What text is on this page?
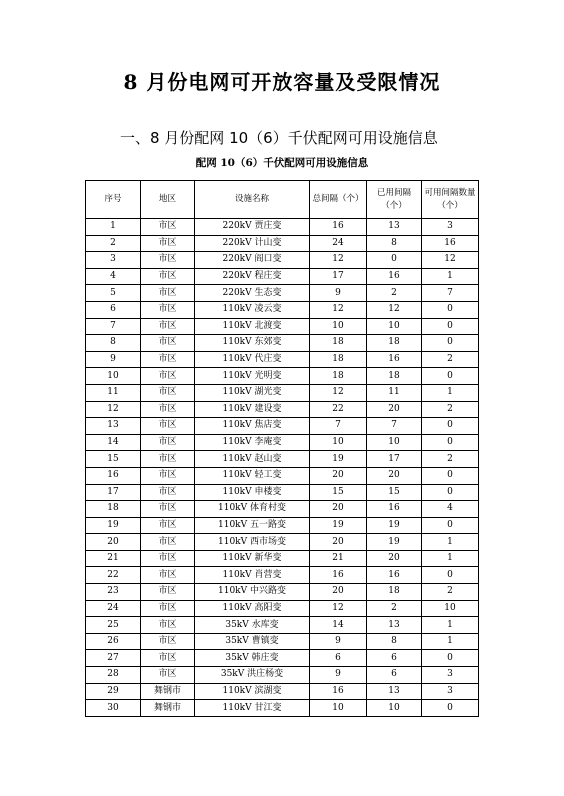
8 月份电网可开放容量及受限情况
一、8 月份配网 10（6）千伏配网可用设施信息
配网 10（6）千伏配网可用设施信息
序号	地区	设施名称	总间隔（个）	已用间隔（个）	可用间隔数量（个）
1	市区	220kV 贾庄变	16	13	3
2	市区	220kV 计山变	24	8	16
3	市区	220kV 阎口变	12	0	12
4	市区	220kV 程庄变	17	16	1
5	市区	220kV 生态变	9	2	7
6	市区	110kV 凌云变	12	12	0
7	市区	110kV 北渡变	10	10	0
8	市区	110kV 东郊变	18	18	0
9	市区	110kV 代庄变	18	16	2
10	市区	110kV 光明变	18	18	0
11	市区	110kV 湖光变	12	11	1
12	市区	110kV 建设变	22	20	2
13	市区	110kV 焦店变	7	7	0
14	市区	110kV 李庵变	10	10	0
15	市区	110kV 赵山变	19	17	2
16	市区	110kV 轻工变	20	20	0
17	市区	110kV 申楼变	15	15	0
18	市区	110kV 体育村变	20	16	4
19	市区	110kV 五一路变	19	19	0
20	市区	110kV 西市场变	20	19	1
21	市区	110kV 新华变	21	20	1
22	市区	110kV 肖营变	16	16	0
23	市区	110kV 中兴路变	20	18	2
24	市区	110kV 高阳变	12	2	10
25	市区	35kV 水库变	14	13	1
26	市区	35kV 曹镇变	9	8	1
27	市区	35kV 韩庄变	6	6	0
28	市区	35kV 洪庄杨变	9	6	3
29	舞钢市	110kV 滨湖变	16	13	3
30	舞钢市	110kV 甘江变	10	10	0
